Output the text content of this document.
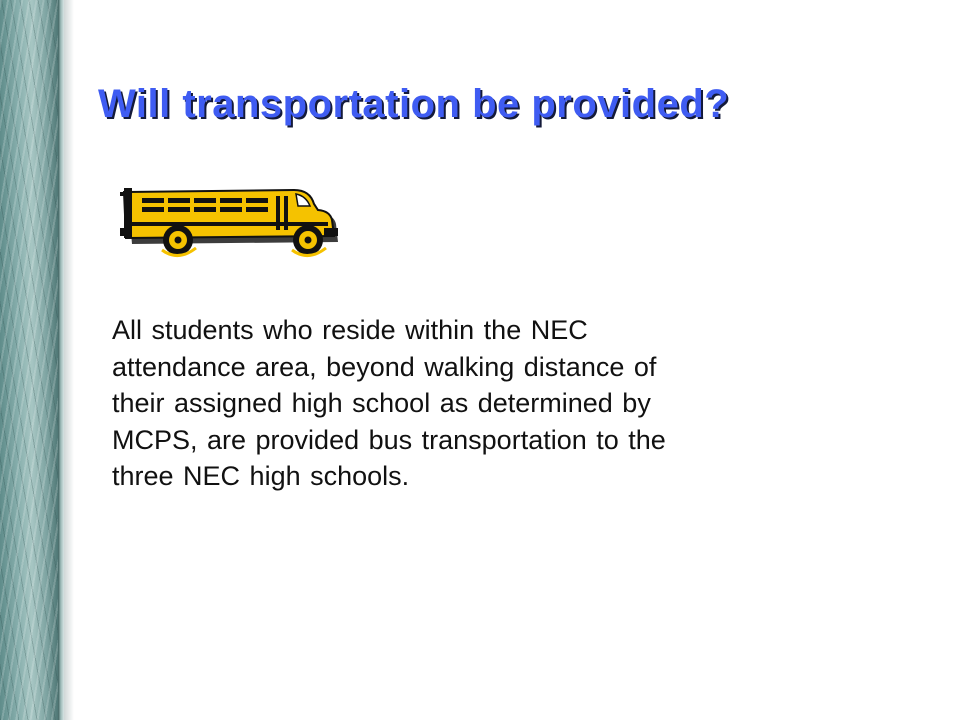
Will transportation be provided?

All students who reside within the NEC
attendance area, beyond walking distance of
their assigned high school as determined by
MCPS, are provided bus transportation to the
three NEC high schools.
